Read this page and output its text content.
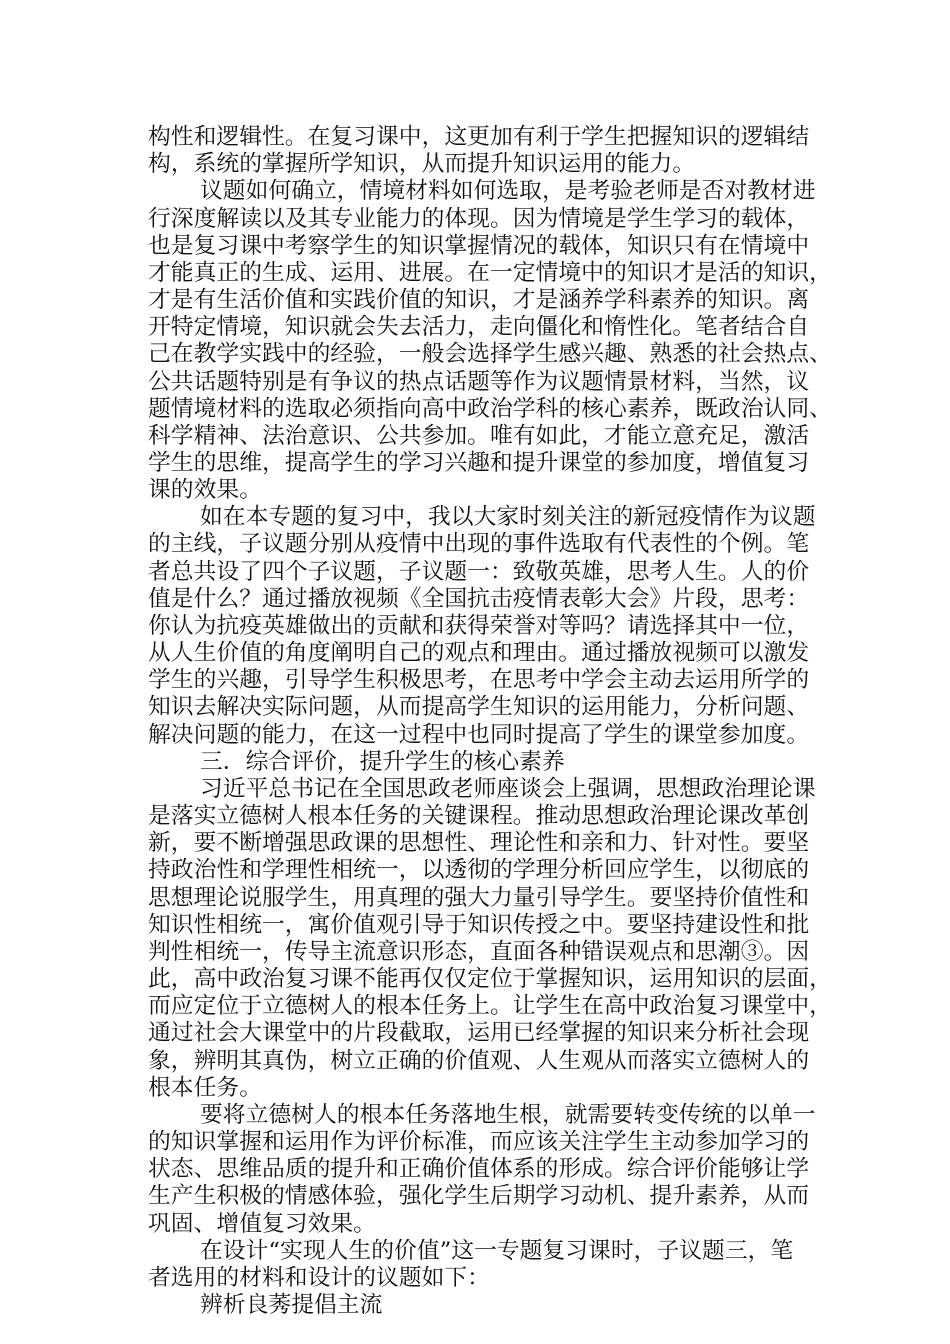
构性和逻辑性。在复习课中，这更加有利于学生把握知识的逻辑结
构，系统的掌握所学知识，从而提升知识运用的能力。
议题如何确立，情境材料如何选取，是考验老师是否对教材进
行深度解读以及其专业能力的体现。因为情境是学生学习的载体，
也是复习课中考察学生的知识掌握情况的载体，知识只有在情境中
才能真正的生成、运用、进展。在一定情境中的知识才是活的知识，
才是有生活价值和实践价值的知识，才是涵养学科素养的知识。离
开特定情境，知识就会失去活力，走向僵化和惰性化。笔者结合自
己在教学实践中的经验，一般会选择学生感兴趣、熟悉的社会热点、
公共话题特别是有争议的热点话题等作为议题情景材料，当然，议
题情境材料的选取必须指向高中政治学科的核心素养，既政治认同、
科学精神、法治意识、公共参加。唯有如此，才能立意充足，激活
学生的思维，提高学生的学习兴趣和提升课堂的参加度，增值复习
课的效果。
如在本专题的复习中，我以大家时刻关注的新冠疫情作为议题
的主线，子议题分别从疫情中出现的事件选取有代表性的个例。笔
者总共设了四个子议题，子议题一：致敬英雄，思考人生。人的价
值是什么？通过播放视频《全国抗击疫情表彰大会》片段，思考：
你认为抗疫英雄做出的贡献和获得荣誉对等吗？请选择其中一位，
从人生价值的角度阐明自己的观点和理由。通过播放视频可以激发
学生的兴趣，引导学生积极思考，在思考中学会主动去运用所学的
知识去解决实际问题，从而提高学生知识的运用能力，分析问题、
解决问题的能力，在这一过程中也同时提高了学生的课堂参加度。
三．综合评价，提升学生的核心素养
习近平总书记在全国思政老师座谈会上强调，思想政治理论课
是落实立德树人根本任务的关键课程。推动思想政治理论课改革创
新，要不断增强思政课的思想性、理论性和亲和力、针对性。要坚
持政治性和学理性相统一，以透彻的学理分析回应学生，以彻底的
思想理论说服学生，用真理的强大力量引导学生。要坚持价值性和
知识性相统一，寓价值观引导于知识传授之中。要坚持建设性和批
判性相统一，传导主流意识形态，直面各种错误观点和思潮③。因
此，高中政治复习课不能再仅仅定位于掌握知识，运用知识的层面，
而应定位于立德树人的根本任务上。让学生在高中政治复习课堂中，
通过社会大课堂中的片段截取，运用已经掌握的知识来分析社会现
象，辨明其真伪，树立正确的价值观、人生观从而落实立德树人的
根本任务。
要将立德树人的根本任务落地生根，就需要转变传统的以单一
的知识掌握和运用作为评价标准，而应该关注学生主动参加学习的
状态、思维品质的提升和正确价值体系的形成。综合评价能够让学
生产生积极的情感体验，强化学生后期学习动机、提升素养，从而
巩固、增值复习效果。
在设计“实现人生的价值”这一专题复习课时，子议题三，笔
者选用的材料和设计的议题如下：
辨析良莠提倡主流
